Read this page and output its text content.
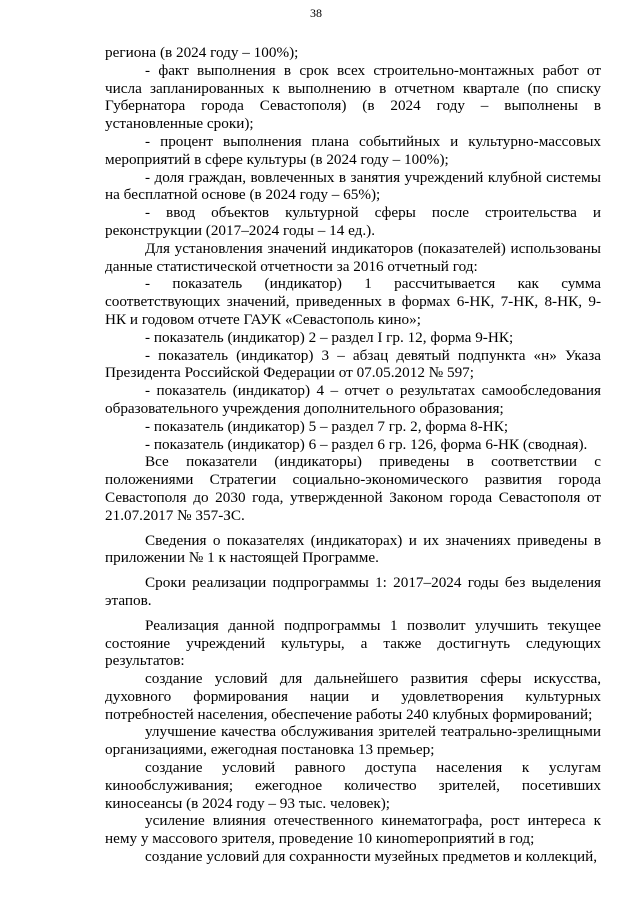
38

региона (в 2024 году – 100%);

- факт выполнения в срок всех строительно-монтажных работ от числа запланированных к выполнению в отчетном квартале (по списку Губернатора города Севастополя) (в 2024 году – выполнены в установленные сроки);

- процент выполнения плана событийных и культурно-массовых мероприятий в сфере культуры (в 2024 году – 100%);

- доля граждан, вовлеченных в занятия учреждений клубной системы на бесплатной основе (в 2024 году – 65%);

- ввод объектов культурной сферы после строительства и реконструкции (2017–2024 годы – 14 ед.).

Для установления значений индикаторов (показателей) использованы данные статистической отчетности за 2016 отчетный год:

- показатель (индикатор) 1 рассчитывается как сумма соответствующих значений, приведенных в формах 6-НК, 7-НК, 8-НК, 9-НК и годовом отчете ГАУК «Севастополь кино»;

- показатель (индикатор) 2 – раздел I гр. 12, форма 9-НК;

- показатель (индикатор) 3 – абзац девятый подпункта «н» Указа Президента Российской Федерации от 07.05.2012 № 597;

- показатель (индикатор) 4 – отчет о результатах самообследования образовательного учреждения дополнительного образования;

- показатель (индикатор) 5 – раздел 7 гр. 2, форма 8-НК;

- показатель (индикатор) 6 – раздел 6 гр. 126, форма 6-НК (сводная).

Все показатели (индикаторы) приведены в соответствии с положениями Стратегии социально-экономического развития города Севастополя до 2030 года, утвержденной Законом города Севастополя от 21.07.2017 № 357-ЗС.

Сведения о показателях (индикаторах) и их значениях приведены в приложении № 1 к настоящей Программе.

Сроки реализации подпрограммы 1: 2017–2024 годы без выделения этапов.

Реализация данной подпрограммы 1 позволит улучшить текущее состояние учреждений культуры, а также достигнуть следующих результатов:

создание условий для дальнейшего развития сферы искусства, духовного формирования нации и удовлетворения культурных потребностей населения, обеспечение работы 240 клубных формирований;

улучшение качества обслуживания зрителей театрально-зрелищными организациями, ежегодная постановка 13 премьер;

создание условий равного доступа населения к услугам кинообслуживания; ежегодное количество зрителей, посетивших киносеансы (в 2024 году – 93 тыс. человек);

усиление влияния отечественного кинематографа, рост интереса к нему у массового зрителя, проведение 10 кинomероприятий в год;

создание условий для сохранности музейных предметов и коллекций,
